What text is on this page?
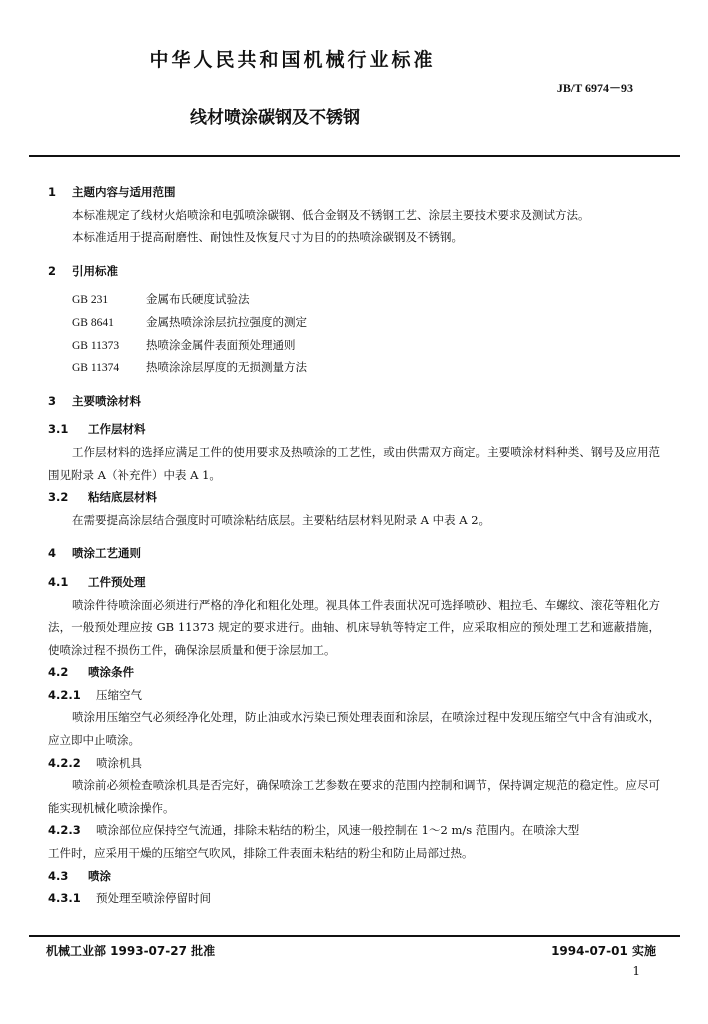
中华人民共和国机械行业标准
JB/T 6974－93
线材喷涂碳钢及不锈钢
1 主题内容与适用范围
本标准规定了线材火焰喷涂和电弧喷涂碳钢、低合金钢及不锈钢工艺、涂层主要技术要求及测试方法。
本标准适用于提高耐磨性、耐蚀性及恢复尺寸为目的的热喷涂碳钢及不锈钢。
2 引用标准
GB 231	金属布氏硬度试验法
GB 8641	金属热喷涂涂层抗拉强度的测定
GB 11373 热喷涂金属件表面预处理通则
GB 11374 热喷涂涂层厚度的无损测量方法
3 主要喷涂材料
3.1 工作层材料
工作层材料的选择应满足工件的使用要求及热喷涂的工艺性，或由供需双方商定。主要喷涂材料种类、钢号及应用范围见附录 A（补充件）中表 A 1。
3.2 粘结底层材料
在需要提高涂层结合强度时可喷涂粘结底层。主要粘结层材料见附录 A 中表 A 2。
4 喷涂工艺通则
4.1 工件预处理
喷涂件待喷涂面必须进行严格的净化和粗化处理。视具体工件表面状况可选择喷砂、粗拉毛、车螺纹、滚花等粗化方法，一般预处理应按 GB 11373 规定的要求进行。曲轴、机床导轨等特定工件，应采取相应的预处理工艺和遮蔽措施，使喷涂过程不损伤工件，确保涂层质量和便于涂层加工。
4.2 喷涂条件
4.2.1 压缩空气
喷涂用压缩空气必须经净化处理，防止油或水污染已预处理表面和涂层，在喷涂过程中发现压缩空气中含有油或水，应立即中止喷涂。
4.2.2 喷涂机具
喷涂前必须检查喷涂机具是否完好，确保喷涂工艺参数在要求的范围内控制和调节，保持调定规范的稳定性。应尽可能实现机械化喷涂操作。
4.2.3 喷涂部位应保持空气流通，排除未粘结的粉尘，风速一般控制在 1～2 m/s 范围内。在喷涂大型
工件时，应采用干燥的压缩空气吹风，排除工件表面未粘结的粉尘和防止局部过热。
4.3 喷涂
4.3.1 预处理至喷涂停留时间
机械工业部 1993-07-27 批准	1994-07-01 实施
1
